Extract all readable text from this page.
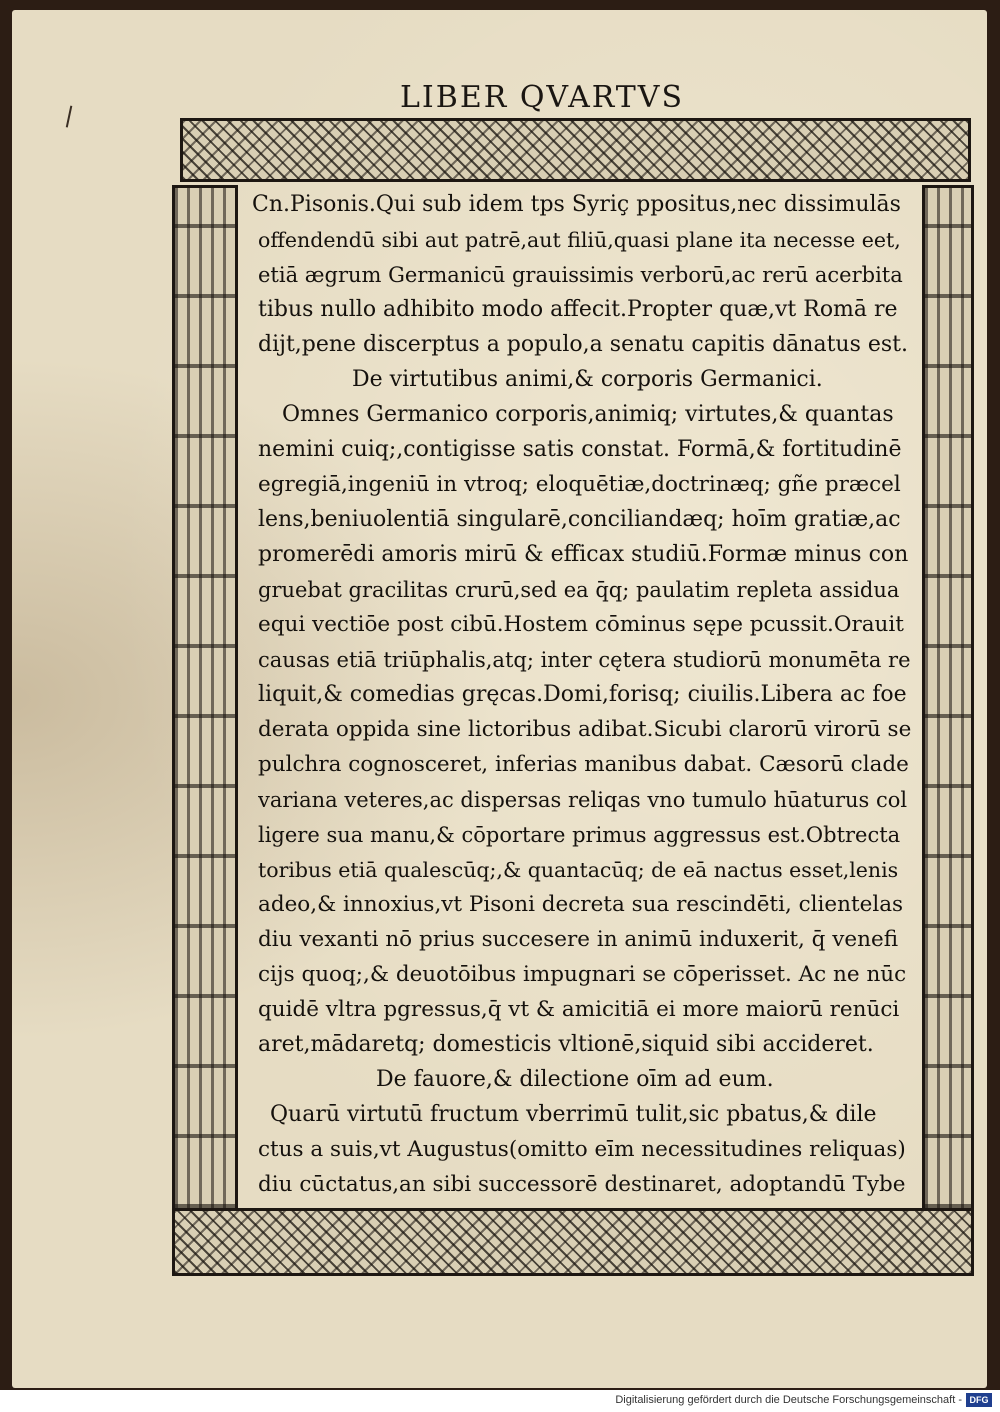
LIBER QVARTVS
Cn.Pisonis.Qui sub idem tps Syriç ppositus,nec dissimulās
offendendū sibi aut patrē,aut filiū,quasi plane ita necesse eet,
etiā ægrum Germanicū grauissimis verborū,ac rerū acerbita
tibus nullo adhibito modo affecit.Propter quæ,vt Romā re
dijt,pene discerptus a populo,a senatu capitis dānatus est.
De virtutibus animi,& corporis Germanici.
Omnes Germanico corporis,animiq; virtutes,& quantas
nemini cuiq;,contigisse satis constat. Formā,& fortitudinē
egregiā,ingeniū in vtroq; eloquētiæ,doctrinæq; gñe præcel
lens,beniuolentiā singularē,conciliandæq; hoīm gratiæ,ac
promerēdi amoris mirū & efficax studiū.Formæ minus con
gruebat gracilitas crurū,sed ea q̄q; paulatim repleta assidua
equi vectiōe post cibū.Hostem cōminus sępe pcussit.Orauit
causas etiā triūphalis,atq; inter cętera studiorū monumēta re
liquit,& comedias gręcas.Domi,forisq; ciuilis.Libera ac foe
derata oppida sine lictoribus adibat.Sicubi clarorū virorū se
pulchra cognosceret, inferias manibus dabat. Cæsorū clade
variana veteres,ac dispersas reliqas vno tumulo hūaturus col
ligere sua manu,& cōportare primus aggressus est.Obtrecta
toribus etiā qualescūq;,& quantacūq; de eā nactus esset,lenis
adeo,& innoxius,vt Pisoni decreta sua rescindēti, clientelas
diu vexanti nō prius succesere in animū induxerit, q̄ venefi
cijs quoq;,& deuotōibus impugnari se cōperisset. Ac ne nūc
quidē vltra pgressus,q̄ vt & amicitiā ei more maiorū renūci
aret,mādaretq; domesticis vltionē,siquid sibi accideret.
De fauore,& dilectione oīm ad eum.
Quarū virtutū fructum vberrimū tulit,sic pbatus,& dile
ctus a suis,vt Augustus(omitto eīm necessitudines reliquas)
diu cūctatus,an sibi successorē destinaret, adoptandū Tybe
Digitalisierung gefördert durch die Deutsche Forschungsgemeinschaft - DFG
